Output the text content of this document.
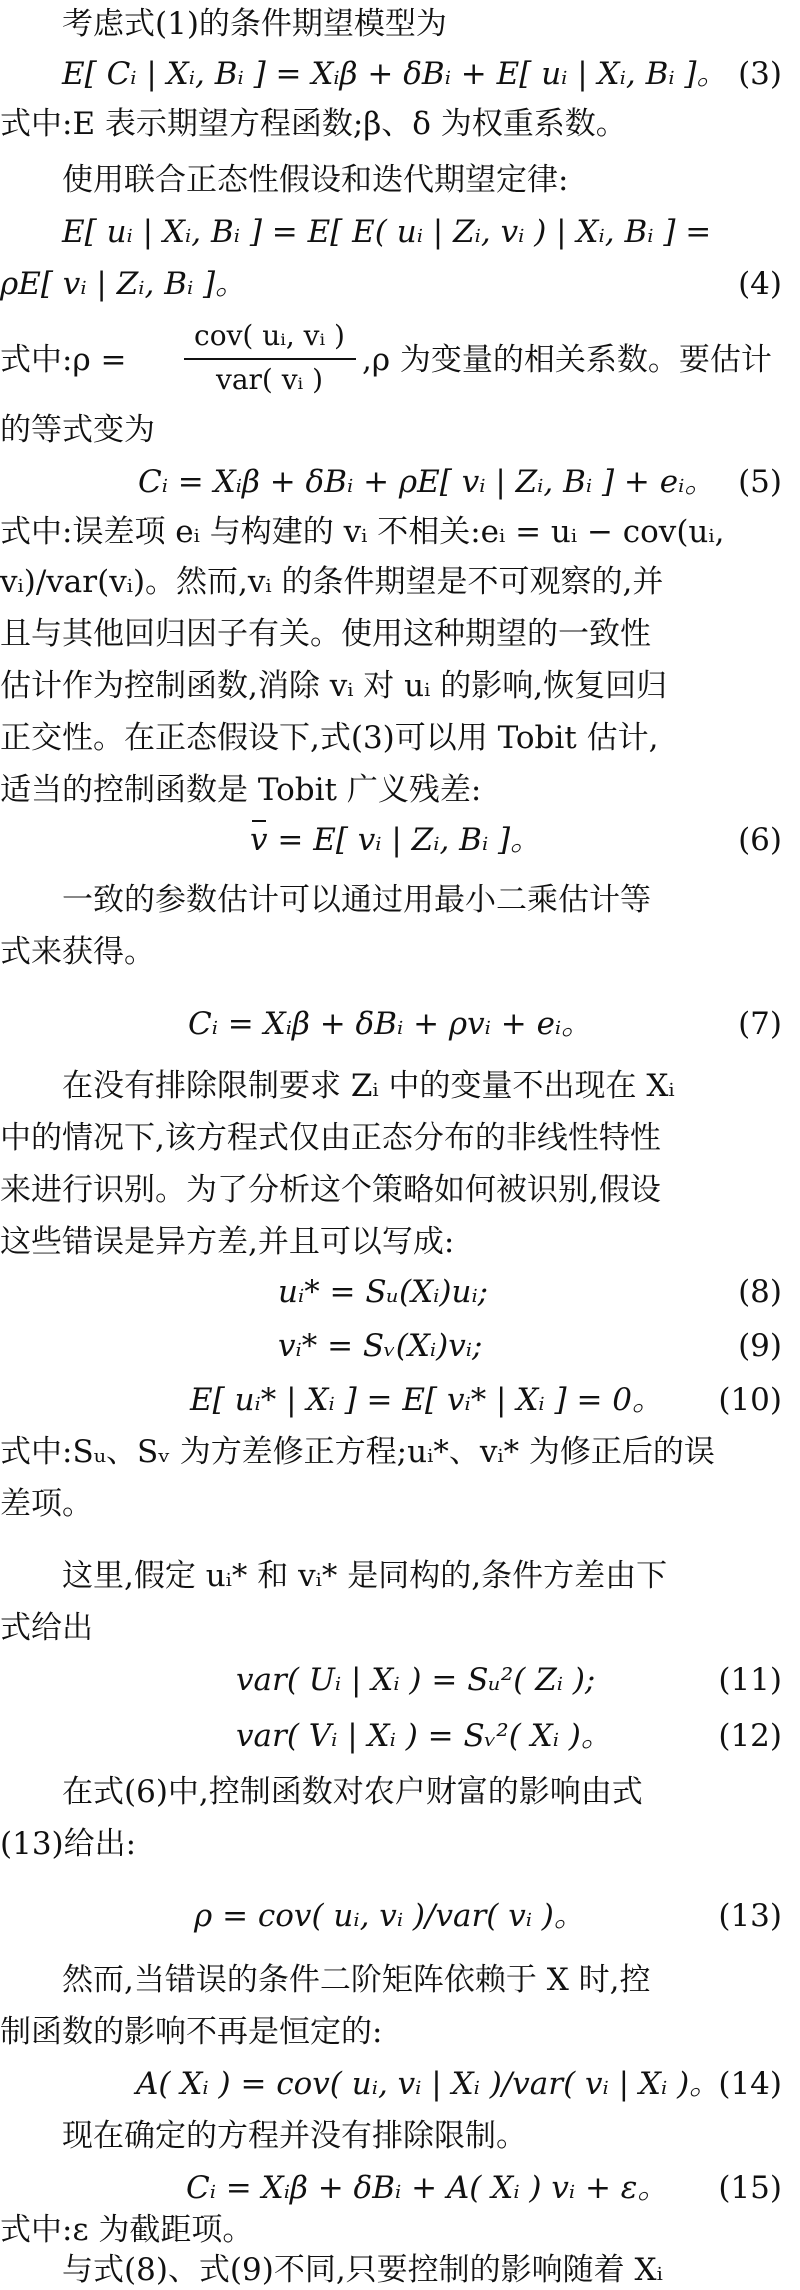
考虑式(1)的条件期望模型为
E[ Cᵢ | Xᵢ, Bᵢ ] = Xᵢβ + δBᵢ + E[ uᵢ | Xᵢ, Bᵢ ]。 (3)
式中:E 表示期望方程函数;β、δ 为权重系数。
使用联合正态性假设和迭代期望定律:
E[ uᵢ | Xᵢ, Bᵢ ] = E[ E( uᵢ | Zᵢ, vᵢ ) | Xᵢ, Bᵢ ] =
ρE[ vᵢ | Zᵢ, Bᵢ ]。	(4)
式中:ρ =
cov( uᵢ, vᵢ )
var( vᵢ )
,ρ 为变量的相关系数。要估计
的等式变为
Cᵢ = Xᵢβ + δBᵢ + ρE[ vᵢ | Zᵢ, Bᵢ ] + eᵢ。 (5)
式中:误差项 eᵢ 与构建的 vᵢ 不相关:eᵢ = uᵢ − cov(uᵢ,
vᵢ)/var(vᵢ)。然而,vᵢ 的条件期望是不可观察的,并
且与其他回归因子有关。使用这种期望的一致性
估计作为控制函数,消除 vᵢ 对 uᵢ 的影响,恢复回归
正交性。在正态假设下,式(3)可以用 Tobit 估计,
适当的控制函数是 Tobit 广义残差:
v = E[ vᵢ | Zᵢ, Bᵢ ]。	(6)
一致的参数估计可以通过用最小二乘估计等
式来获得。
Cᵢ = Xᵢβ + δBᵢ + ρvᵢ + eᵢ。	(7)
在没有排除限制要求 Zᵢ 中的变量不出现在 Xᵢ
中的情况下,该方程式仅由正态分布的非线性特性
来进行识别。为了分析这个策略如何被识别,假设
这些错误是异方差,并且可以写成:
uᵢ* = Sᵤ(Xᵢ)uᵢ;	(8)
vᵢ* = Sᵥ(Xᵢ)vᵢ;	(9)
E[ uᵢ* | Xᵢ ] = E[ vᵢ* | Xᵢ ] = 0。 (10)
式中:Sᵤ、Sᵥ 为方差修正方程;uᵢ*、vᵢ* 为修正后的误
差项。
这里,假定 uᵢ* 和 vᵢ* 是同构的,条件方差由下
式给出
var( Uᵢ | Xᵢ ) = Sᵤ²( Zᵢ );	(11)
var( Vᵢ | Xᵢ ) = Sᵥ²( Xᵢ )。	(12)
在式(6)中,控制函数对农户财富的影响由式
(13)给出:
ρ = cov( uᵢ, vᵢ )/var( vᵢ )。	(13)
然而,当错误的条件二阶矩阵依赖于 X 时,控
制函数的影响不再是恒定的:
A( Xᵢ ) = cov( uᵢ, vᵢ | Xᵢ )/var( vᵢ | Xᵢ )。
(14)
现在确定的方程并没有排除限制。
Cᵢ = Xᵢβ + δBᵢ + A( Xᵢ ) vᵢ + ε。 (15)
式中:ε 为截距项。
与式(8)、式(9)不同,只要控制的影响随着 Xᵢ
